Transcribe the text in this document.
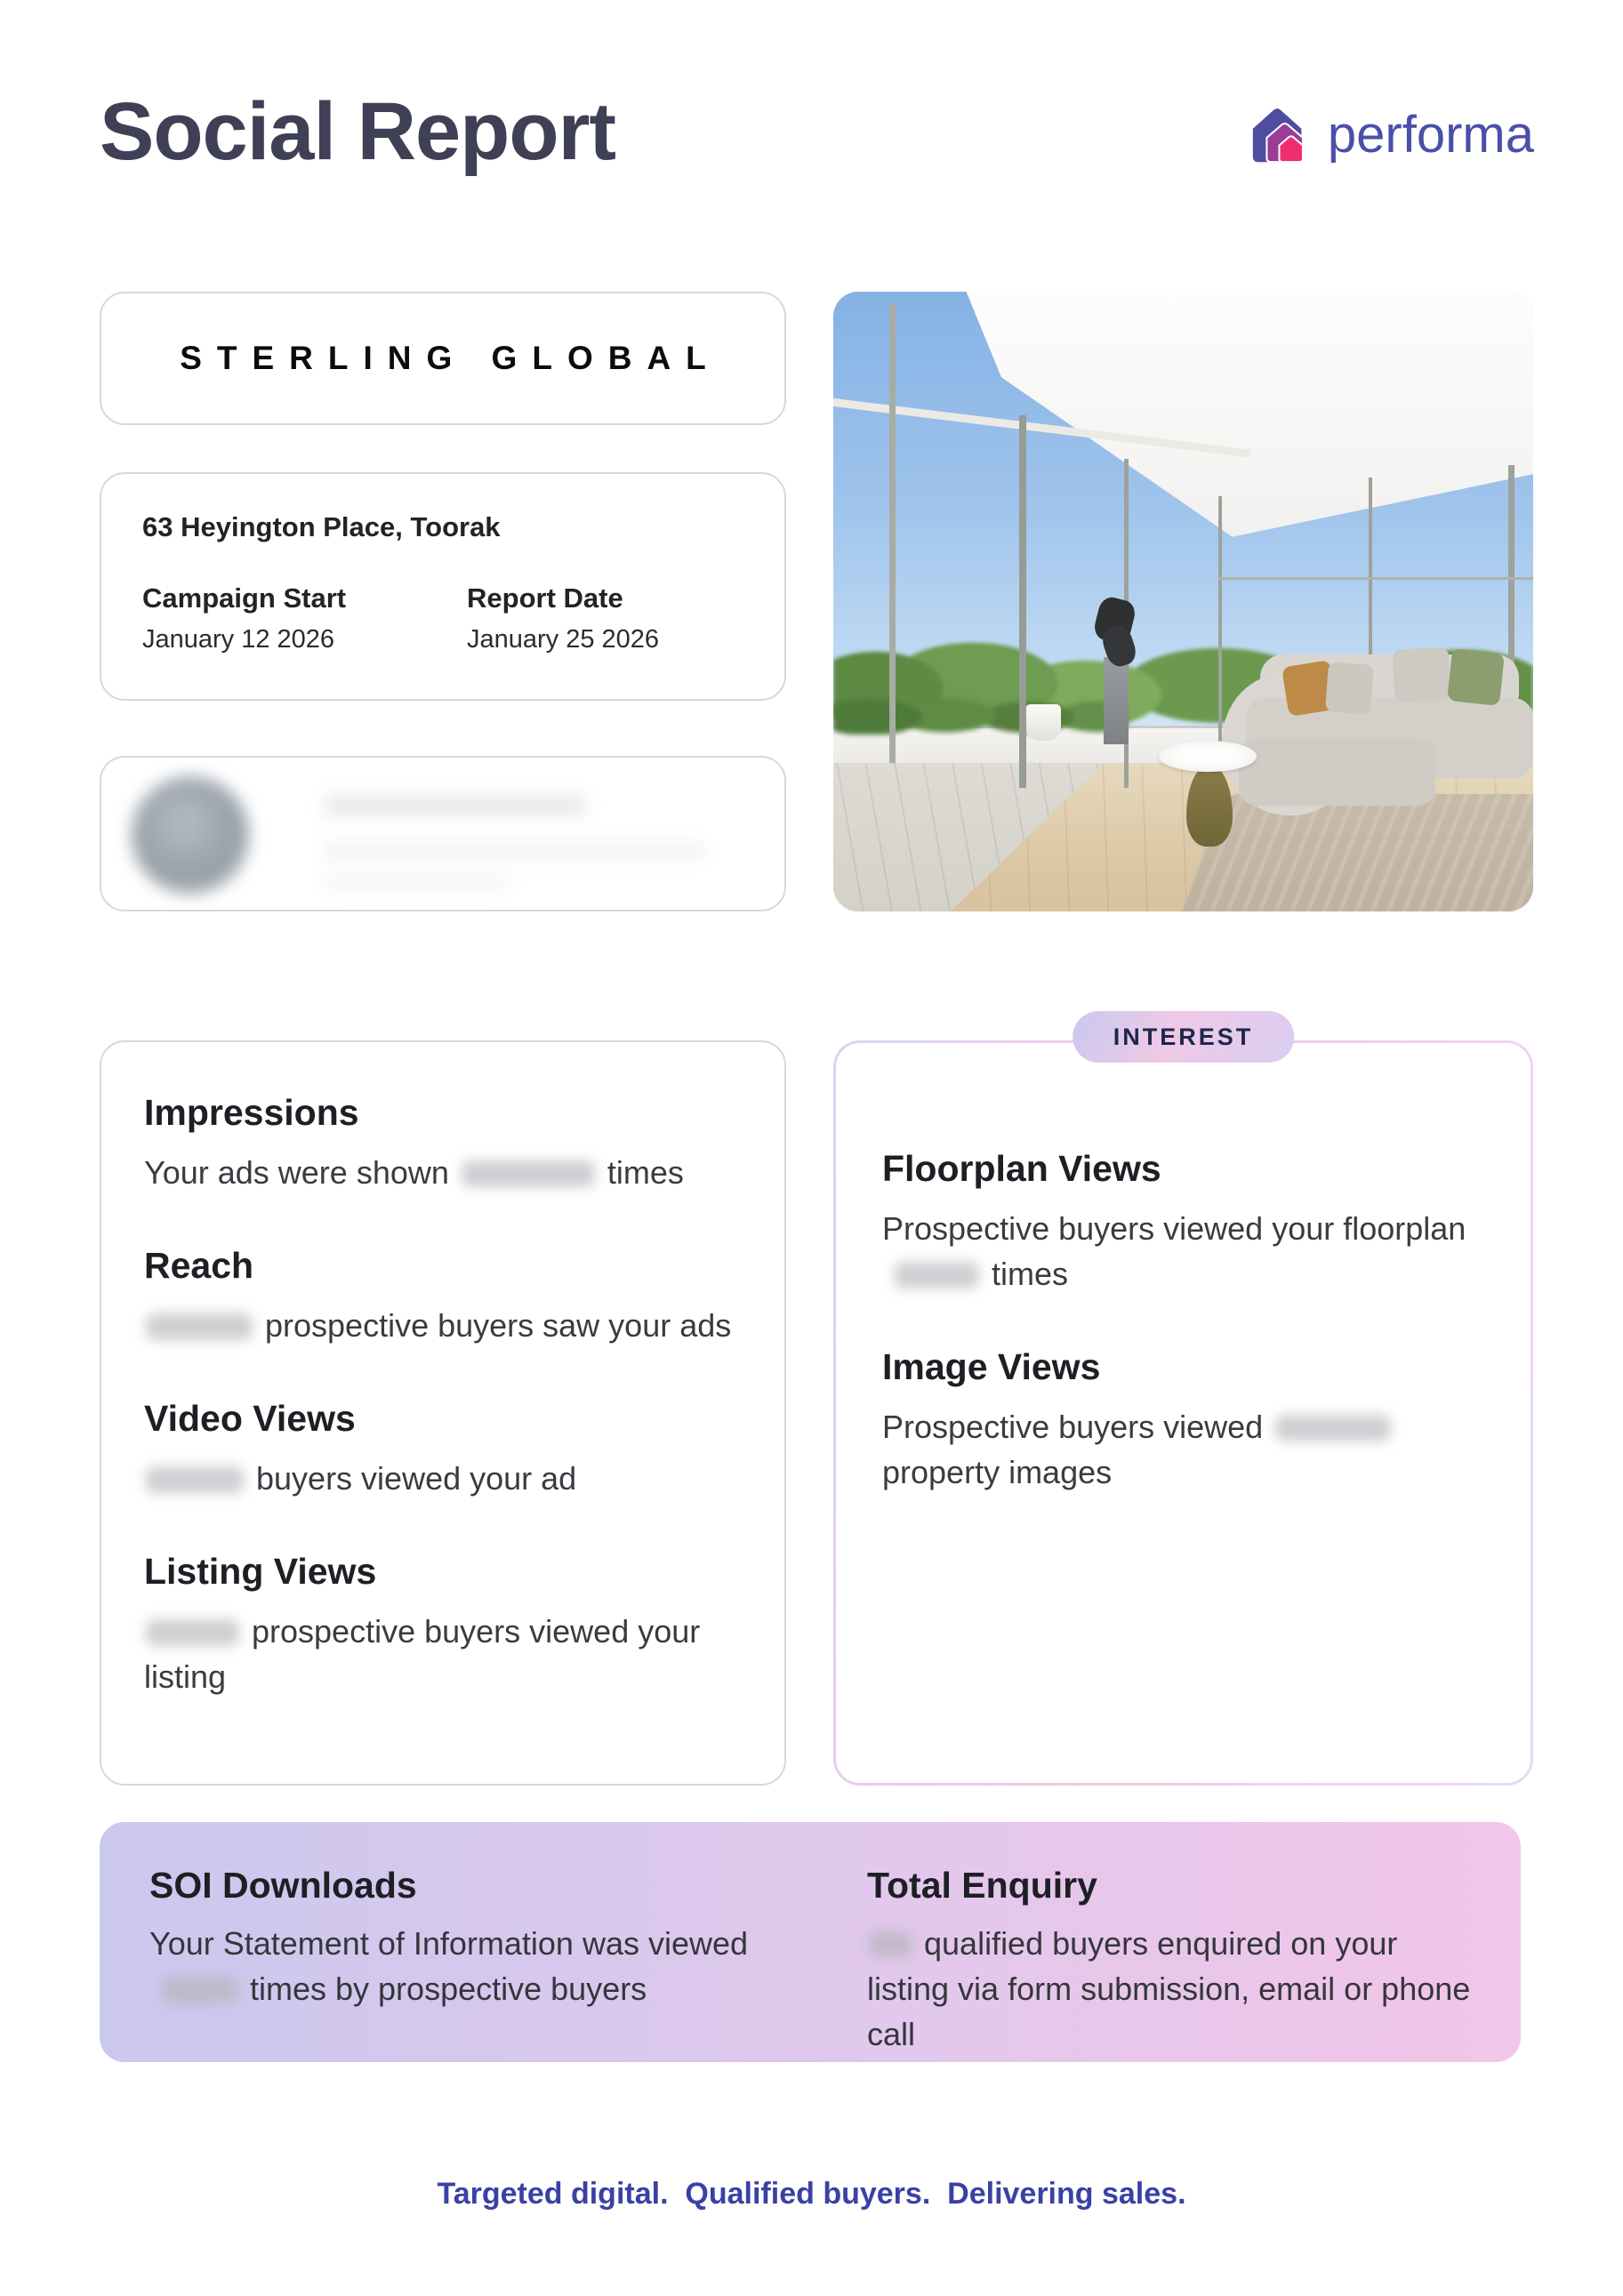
Social Report	performa
STERLING GLOBAL
63 Heyington Place, Toorak
Campaign Start
January 12 2026
Report Date
January 25 2026
Impressions

Your ads were shown	times

Reach

prospective buyers saw your ads

Video Views

buyers viewed your ad

Listing Views

prospective buyers viewed your listing

INTEREST
Floorplan Views

Prospective buyers viewed your floorplantimes

Image Views

Prospective buyers viewedproperty images

SOI Downloads

Your Statement of Information was viewedtimes by prospective buyers

Total Enquiry

qualified buyers enquired on your listing via form submission, email or phone call

Targeted digital.  Qualified buyers.  Delivering sales.
